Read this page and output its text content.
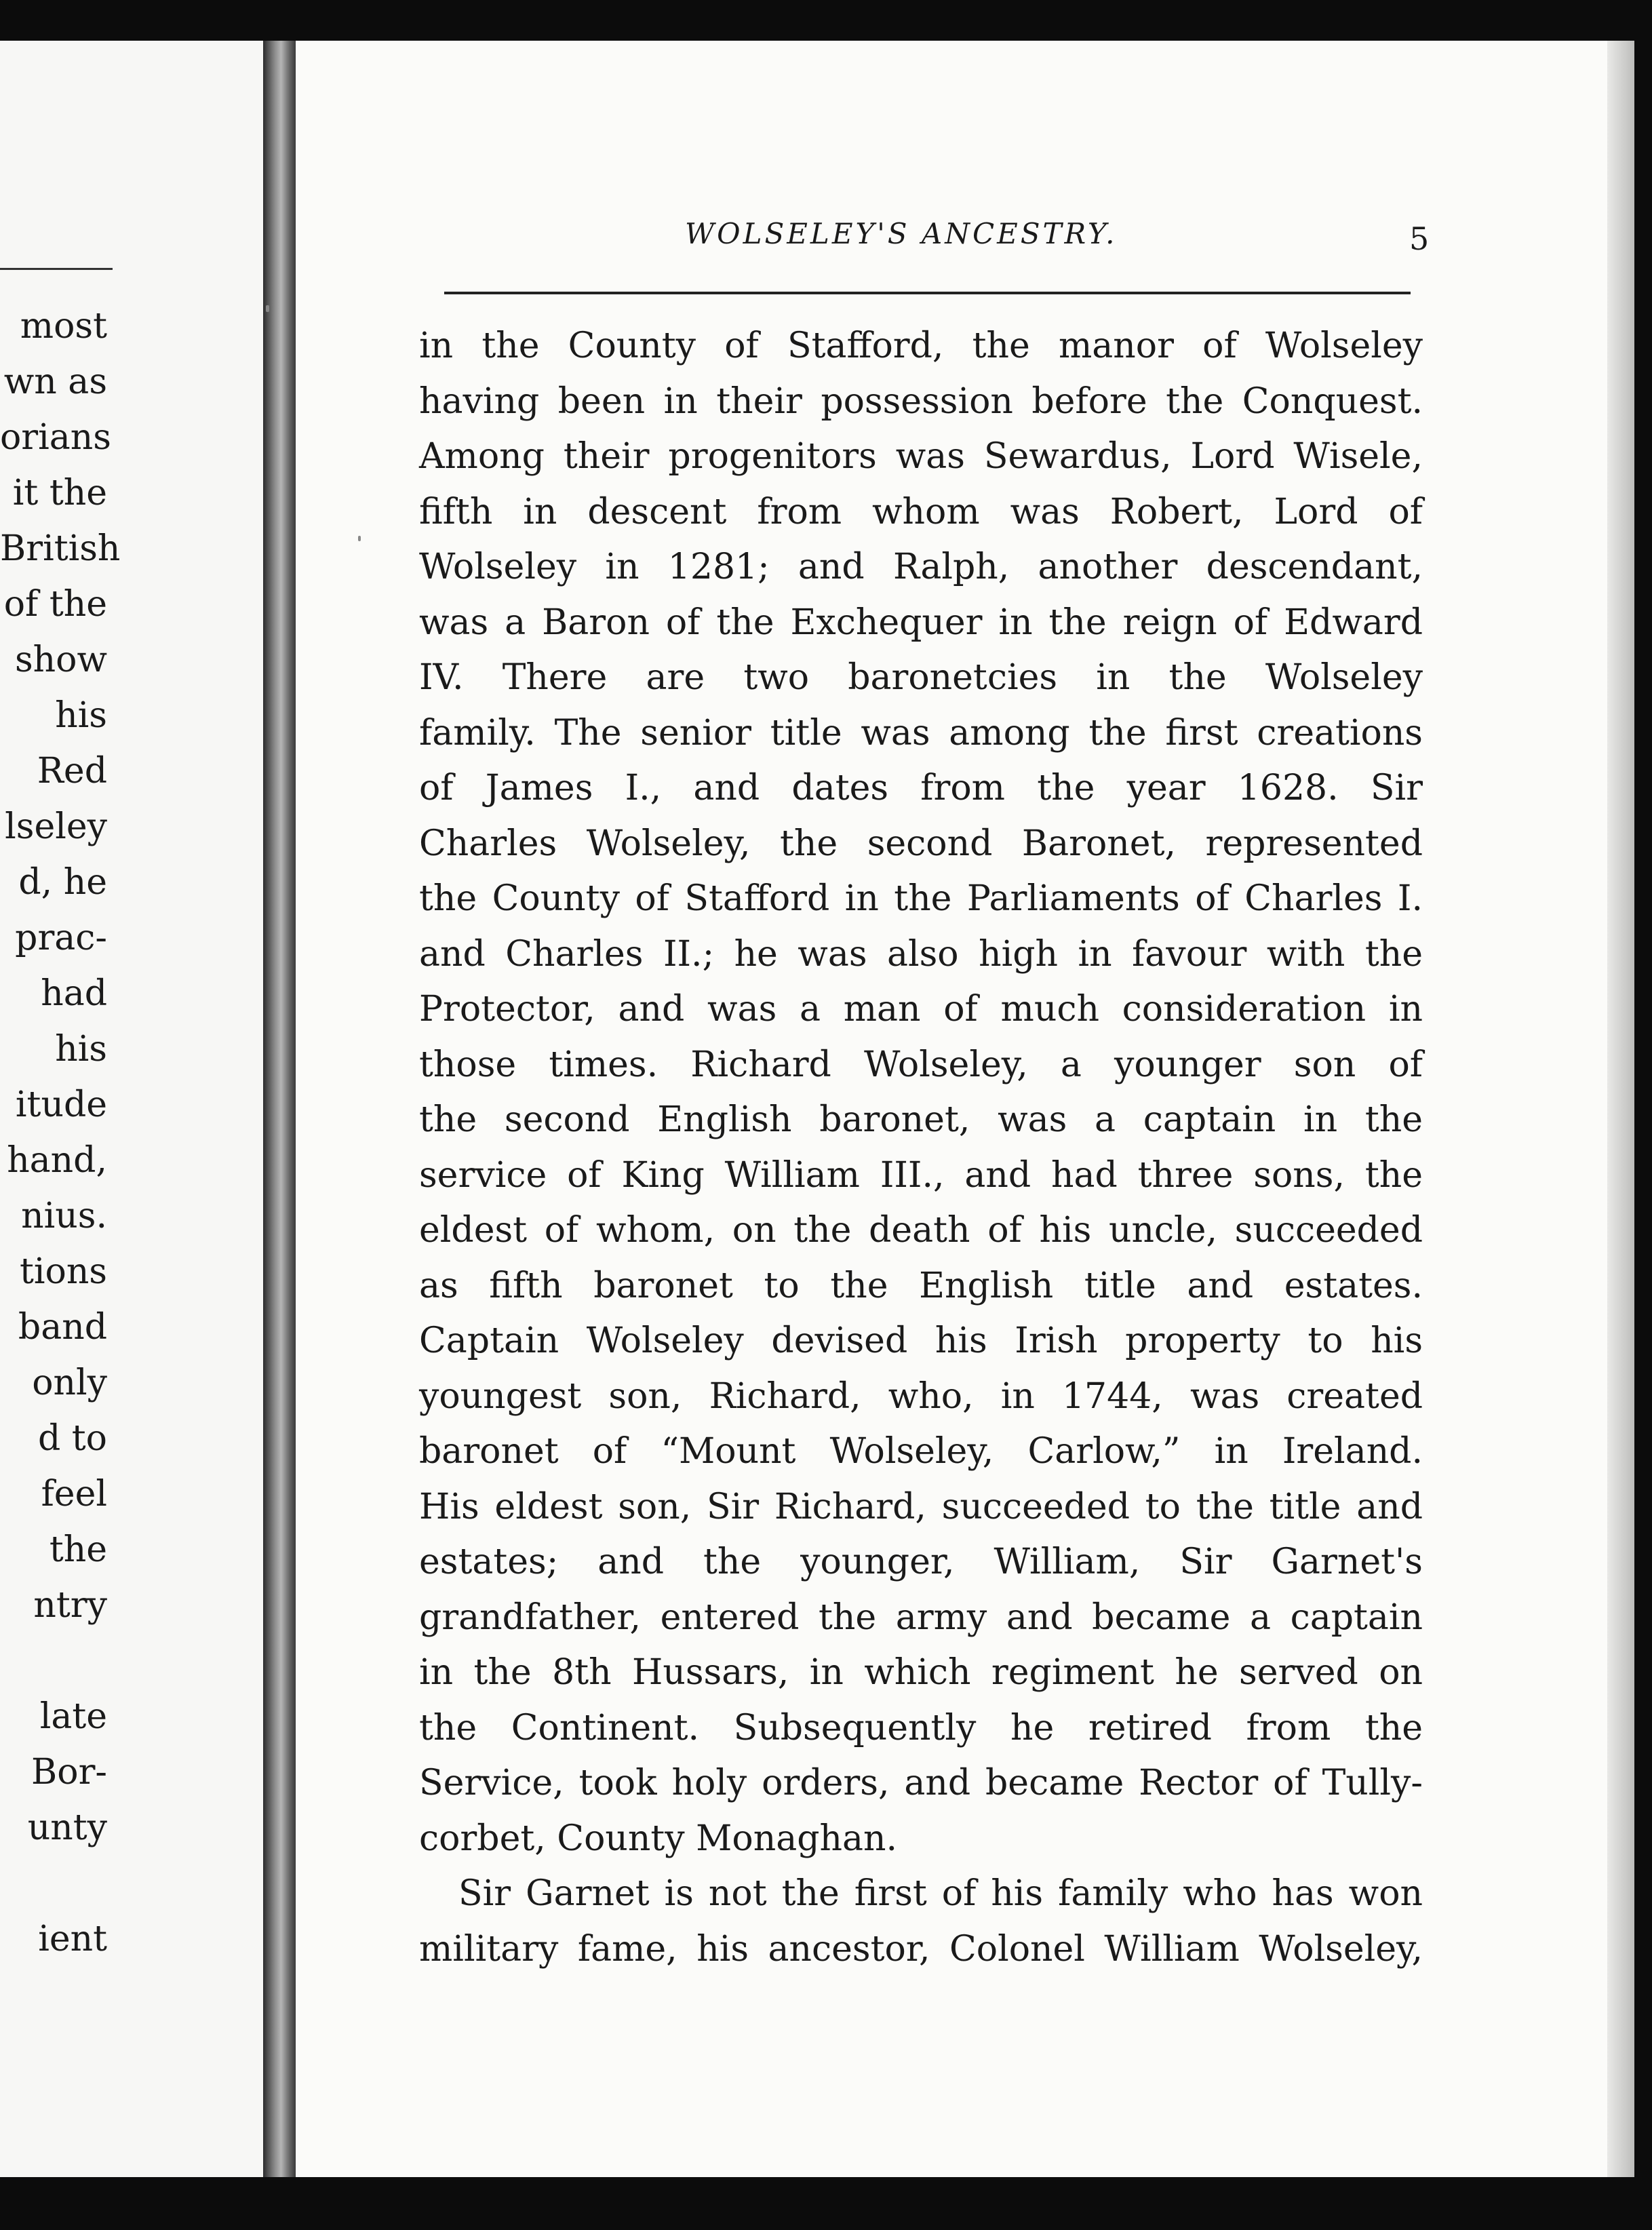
most
wn as
orians
it the
British
of the
show
his
Red
lseley
d, he
prac-
had
his
itude
hand,
nius.
tions
band
only
d to
feel
the
ntry
late
Bor-
unty
ient
WOLSELEY'S ANCESTRY.	5
in the County of Stafford, the manor of Wolseley
having been in their possession before the Conquest.
Among their progenitors was Sewardus, Lord Wisele,
fifth in descent from whom was Robert, Lord of
Wolseley in 1281; and Ralph, another descendant,
was a Baron of the Exchequer in the reign of Edward
IV. There are two baronetcies in the Wolseley
family. The senior title was among the first creations
of James I., and dates from the year 1628. Sir
Charles Wolseley, the second Baronet, represented
the County of Stafford in the Parliaments of Charles I.
and Charles II.; he was also high in favour with the
Protector, and was a man of much consideration in
those times. Richard Wolseley, a younger son of
the second English baronet, was a captain in the
service of King William III., and had three sons, the
eldest of whom, on the death of his uncle, succeeded
as fifth baronet to the English title and estates.
Captain Wolseley devised his Irish property to his
youngest son, Richard, who, in 1744, was created
baronet of “Mount Wolseley, Carlow,” in Ireland.
His eldest son, Sir Richard, succeeded to the title and
estates; and the younger, William, Sir Garnet's
grandfather, entered the army and became a captain
in the 8th Hussars, in which regiment he served on
the Continent. Subsequently he retired from the
Service, took holy orders, and became Rector of Tully-
corbet, County Monaghan.
Sir Garnet is not the first of his family who has won
military fame, his ancestor, Colonel William Wolseley,
